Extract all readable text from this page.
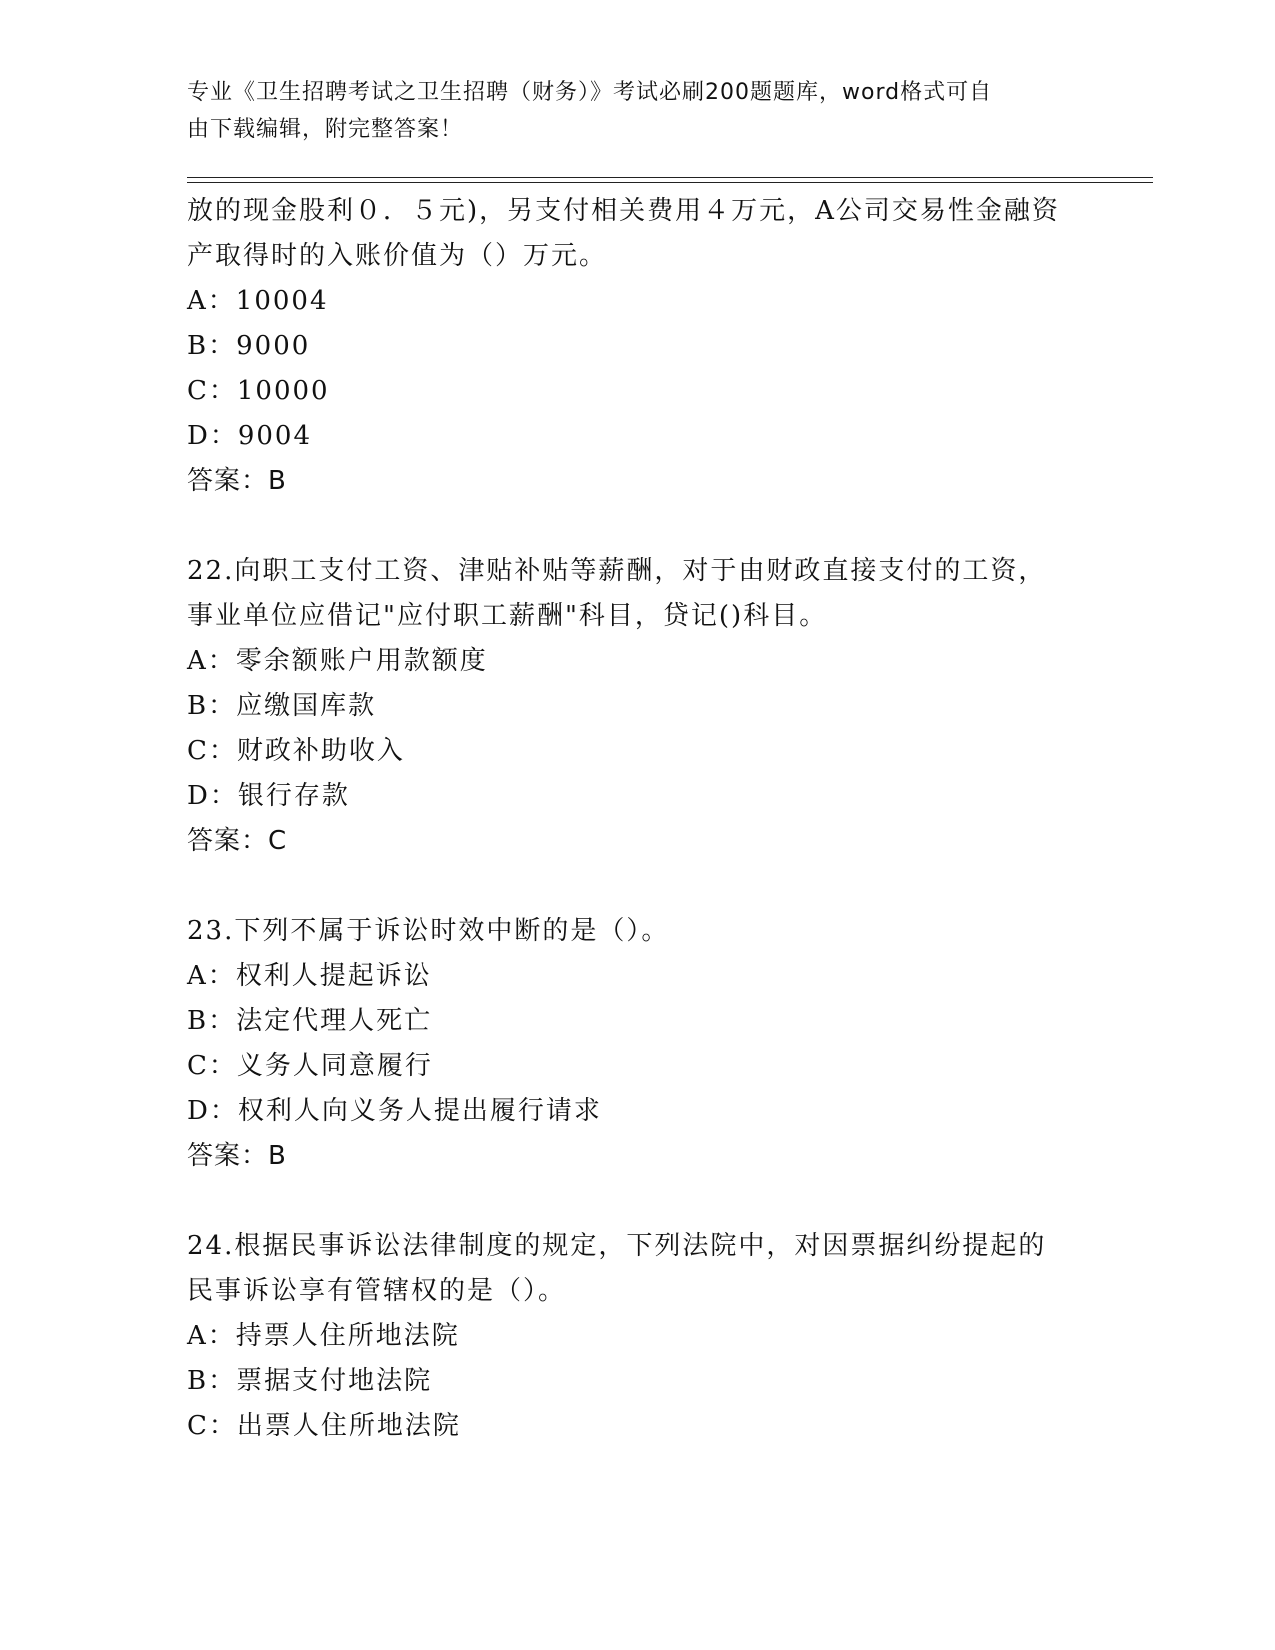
专业《卫生招聘考试之卫生招聘（财务）》考试必刷200题题库，word格式可自
由下载编辑，附完整答案！
放的现金股利０．５元)，另支付相关费用４万元，A公司交易性金融资
产取得时的入账价值为（）万元。
A：10004
B：9000
C：10000
D：9004
答案：B
22.向职工支付工资、津贴补贴等薪酬，对于由财政直接支付的工资，
事业单位应借记"应付职工薪酬"科目，贷记()科目。
A：零余额账户用款额度
B：应缴国库款
C：财政补助收入
D：银行存款
答案：C
23.下列不属于诉讼时效中断的是（）。
A：权利人提起诉讼
B：法定代理人死亡
C：义务人同意履行
D：权利人向义务人提出履行请求
答案：B
24.根据民事诉讼法律制度的规定，下列法院中，对因票据纠纷提起的
民事诉讼享有管辖权的是（）。
A：持票人住所地法院
B：票据支付地法院
C：出票人住所地法院
